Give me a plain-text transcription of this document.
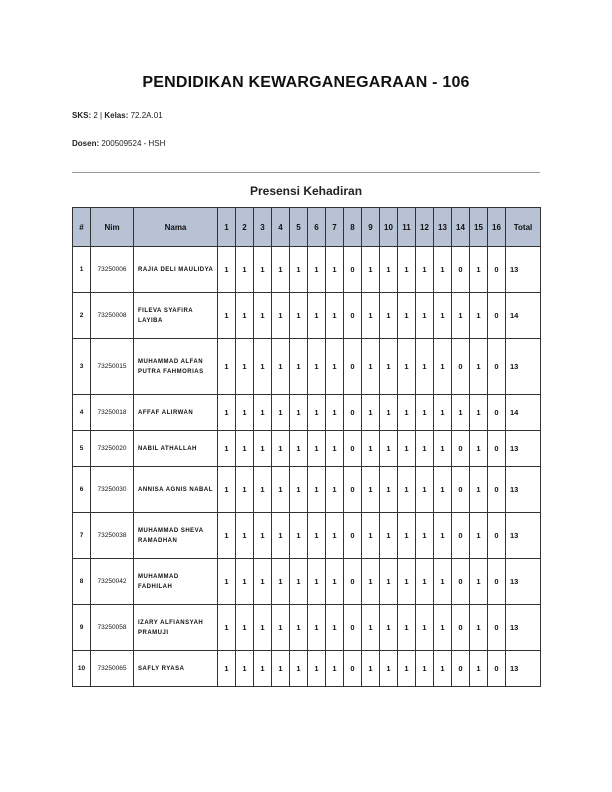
PENDIDIKAN KEWARGANEGARAAN - 106
SKS: 2 | Kelas: 72.2A.01
Dosen: 200509524 - HSH
Presensi Kehadiran
#	Nim	Nama	1	2	3	4	5	6	7	8	9	10	11	12	13	14	15	16	Total
1	73250006	RAJIA DELI MAULIDYA	1	1	1	1	1	1	1	0	1	1	1	1	1	0	1	0	13
2	73250008	FILEVA SYAFIRA LAYIBA	1	1	1	1	1	1	1	0	1	1	1	1	1	1	1	0	14
3	73250015	MUHAMMAD ALFAN PUTRA FAHMORIAS	1	1	1	1	1	1	1	0	1	1	1	1	1	0	1	0	13
4	73250018	AFFAF ALIRWAN	1	1	1	1	1	1	1	0	1	1	1	1	1	1	1	0	14
5	73250020	NABIL ATHALLAH	1	1	1	1	1	1	1	0	1	1	1	1	1	0	1	0	13
6	73250030	ANNISA AGNIS NABAL	1	1	1	1	1	1	1	0	1	1	1	1	1	0	1	0	13
7	73250038	MUHAMMAD SHEVA RAMADHAN	1	1	1	1	1	1	1	0	1	1	1	1	1	0	1	0	13
8	73250042	MUHAMMAD FADHILAH	1	1	1	1	1	1	1	0	1	1	1	1	1	0	1	0	13
9	73250058	IZARY ALFIANSYAH PRAMUJI	1	1	1	1	1	1	1	0	1	1	1	1	1	0	1	0	13
10	73250065	SAFLY RYASA	1	1	1	1	1	1	1	0	1	1	1	1	1	0	1	0	13
